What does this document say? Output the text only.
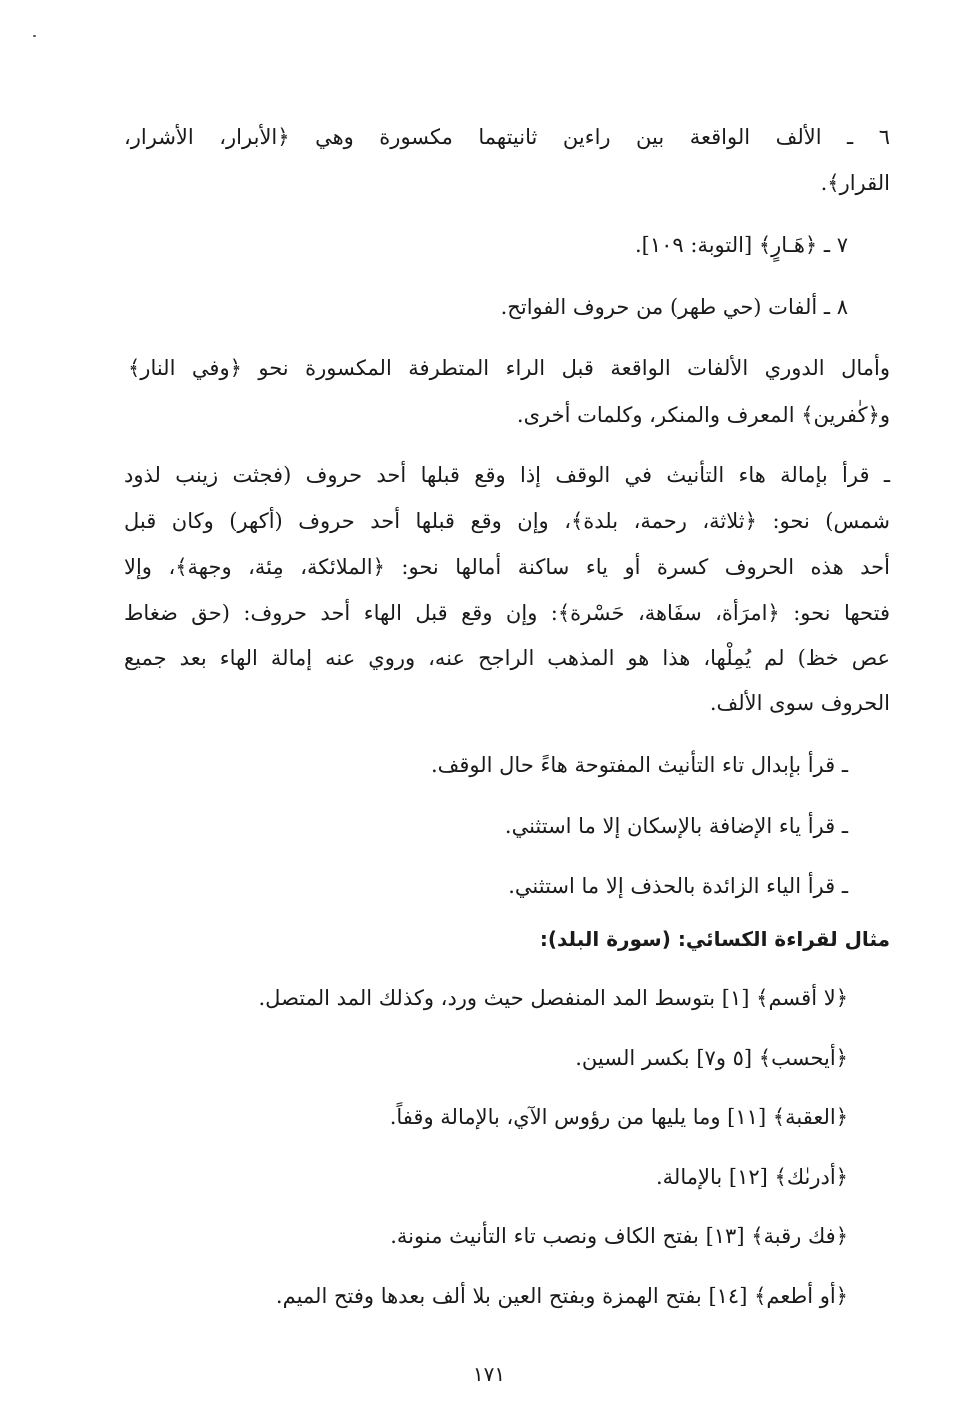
٦ ـ الألف الواقعة بين راءين ثانيتهما مكسورة وهي ﴿الأبرار، الأشرار،
القرار﴾.
٧ ـ ﴿هَـارٍ﴾ [التوبة: ١٠٩].
٨ ـ ألفات (حي طهر) من حروف الفواتح.
وأمال الدوري الألفات الواقعة قبل الراء المتطرفة المكسورة نحو ﴿وفي النار﴾
و﴿كٰفرين﴾ المعرف والمنكر، وكلمات أخرى.
ـ قرأ بإمالة هاء التأنيث في الوقف إذا وقع قبلها أحد حروف (فجثت زينب لذود
شمس) نحو: ﴿ثلاثة، رحمة، بلدة﴾، وإن وقع قبلها أحد حروف (أكهر) وكان قبل
أحد هذه الحروف كسرة أو ياء ساكنة أمالها نحو: ﴿الملائكة، مِئة، وجهة﴾، وإلا
فتحها نحو: ﴿امرَأة، سفَاهة، حَسْرة﴾: وإن وقع قبل الهاء أحد حروف: (حق ضغاط
عص خظ) لم يُمِلْها، هذا هو المذهب الراجح عنه، وروي عنه إمالة الهاء بعد جميع
الحروف سوى الألف.
ـ قرأ بإبدال تاء التأنيث المفتوحة هاءً حال الوقف.
ـ قرأ ياء الإضافة بالإسكان إلا ما استثني.
ـ قرأ الياء الزائدة بالحذف إلا ما استثني.
مثال لقراءة الكسائي: (سورة البلد):
﴿لا أقسم﴾ [١] بتوسط المد المنفصل حيث ورد، وكذلك المد المتصل.
﴿أيحسب﴾ [٥ و٧] بكسر السين.
﴿العقبة﴾ [١١] وما يليها من رؤوس الآي، بالإمالة وقفاً.
﴿أدرىٰك﴾ [١٢] بالإمالة.
﴿فك رقبة﴾ [١٣] بفتح الكاف ونصب تاء التأنيث منونة.
﴿أو أطعم﴾ [١٤] بفتح الهمزة وبفتح العين بلا ألف بعدها وفتح الميم.
١٧١
